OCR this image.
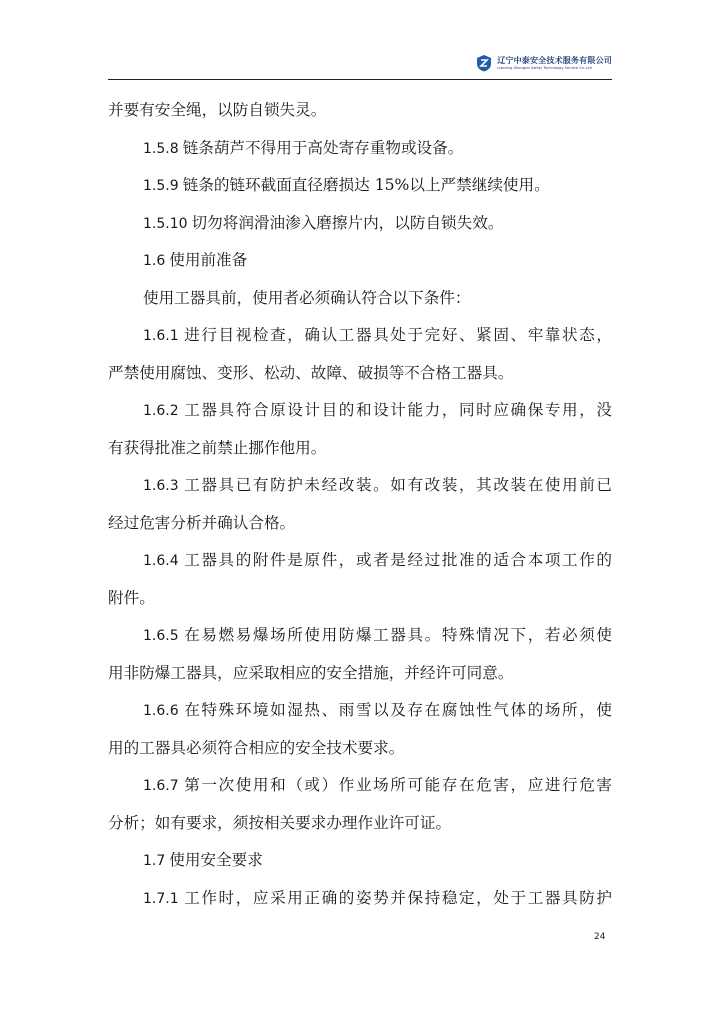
辽宁中泰安全技术服务有限公司
Liaoning Zhongtai Safety Technology Service Co.,Ltd
并要有安全绳，以防自锁失灵。
1.5.8 链条葫芦不得用于高处寄存重物或设备。
1.5.9 链条的链环截面直径磨损达 15%以上严禁继续使用。
1.5.10 切勿将润滑油渗入磨擦片内，以防自锁失效。
1.6 使用前准备
使用工器具前，使用者必须确认符合以下条件：
1.6.1 进行目视检查，确认工器具处于完好、紧固、牢靠状态，
严禁使用腐蚀、变形、松动、故障、破损等不合格工器具。
1.6.2 工器具符合原设计目的和设计能力，同时应确保专用，没
有获得批准之前禁止挪作他用。
1.6.3 工器具已有防护未经改装。如有改装，其改装在使用前已
经过危害分析并确认合格。
1.6.4 工器具的附件是原件，或者是经过批准的适合本项工作的
附件。
1.6.5 在易燃易爆场所使用防爆工器具。特殊情况下，若必须使
用非防爆工器具，应采取相应的安全措施，并经许可同意。
1.6.6 在特殊环境如湿热、雨雪以及存在腐蚀性气体的场所，使
用的工器具必须符合相应的安全技术要求。
1.6.7 第一次使用和（或）作业场所可能存在危害，应进行危害
分析；如有要求，须按相关要求办理作业许可证。
1.7 使用安全要求
1.7.1 工作时，应采用正确的姿势并保持稳定，处于工器具防护
24
